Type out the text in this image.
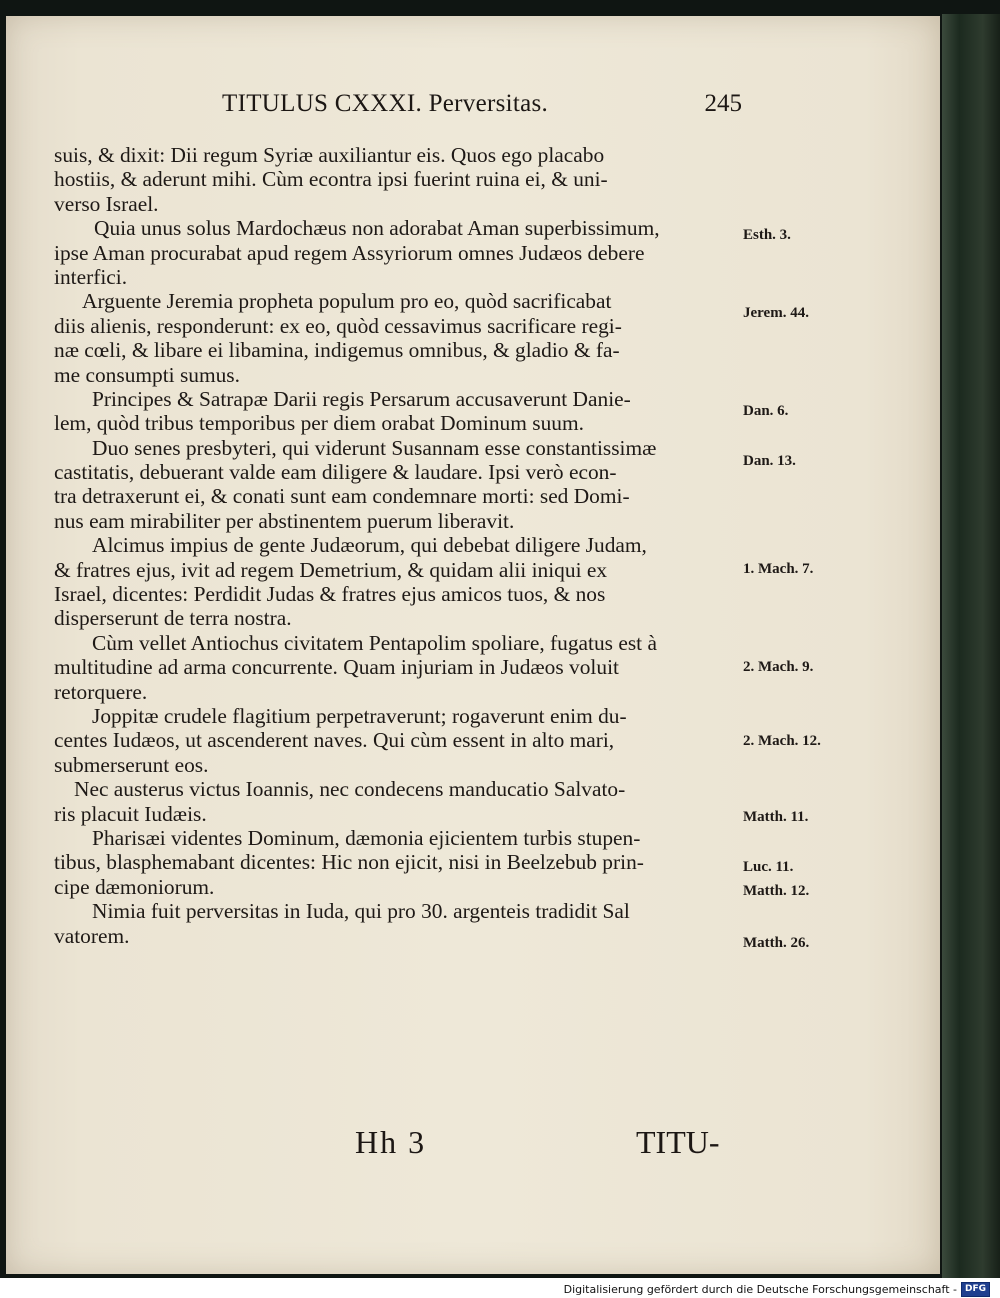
TITULUS CXXXI. Perversitas.	245
suis, & dixit: Dii regum Syriæ auxiliantur eis. Quos ego placabo
hostiis, & aderunt mihi. Cùm econtra ipsi fuerint ruina ei, & uni-
verso Israel.
Quia unus solus Mardochæus non adorabat Aman superbissimum,
ipse Aman procurabat apud regem Assyriorum omnes Judæos debere
interfici.
Arguente Jeremia propheta populum pro eo, quòd sacrificabat
diis alienis, responderunt: ex eo, quòd cessavimus sacrificare regi-
næ cœli, & libare ei libamina, indigemus omnibus, & gladio & fa-
me consumpti sumus.
Principes & Satrapæ Darii regis Persarum accusaverunt Danie-
lem, quòd tribus temporibus per diem orabat Dominum suum.
Duo senes presbyteri, qui viderunt Susannam esse constantissimæ
castitatis, debuerant valde eam diligere & laudare. Ipsi verò econ-
tra detraxerunt ei, & conati sunt eam condemnare morti: sed Domi-
nus eam mirabiliter per abstinentem puerum liberavit.
Alcimus impius de gente Judæorum, qui debebat diligere Judam,
& fratres ejus, ivit ad regem Demetrium, & quidam alii iniqui ex
Israel, dicentes: Perdidit Judas & fratres ejus amicos tuos, & nos
disperserunt de terra nostra.
Cùm vellet Antiochus civitatem Pentapolim spoliare, fugatus est à
multitudine ad arma concurrente. Quam injuriam in Judæos voluit
retorquere.
Joppitæ crudele flagitium perpetraverunt; rogaverunt enim du-
centes Iudæos, ut ascenderent naves. Qui cùm essent in alto mari,
submerserunt eos.
Nec austerus victus Ioannis, nec condecens manducatio Salvato-
ris placuit Iudæis.
Pharisæi videntes Dominum, dæmonia ejicientem turbis stupen-
tibus, blasphemabant dicentes: Hic non ejicit, nisi in Beelzebub prin-
cipe dæmoniorum.
Nimia fuit perversitas in Iuda, qui pro 30. argenteis tradidit Sal
vatorem.
Esth. 3.
Jerem. 44.
Dan. 6.
Dan. 13.
1. Mach. 7.
2. Mach. 9.
2. Mach. 12.
Matth. 11.
Luc. 11.
Matth. 12.
Matth. 26.
Hh 3	TITU-
Digitalisierung gefördert durch die Deutsche Forschungsgemeinschaft - DFG
